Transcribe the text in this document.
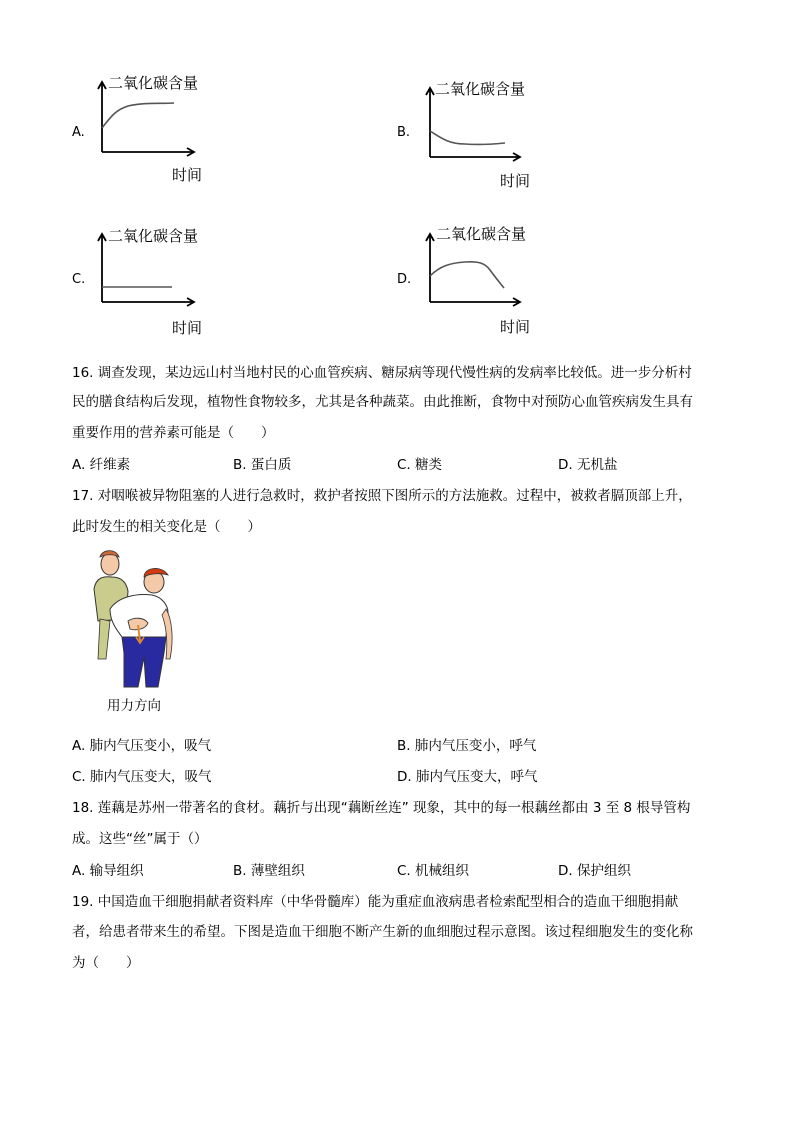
A.
二氧化碳含量
时间
B.
二氧化碳含量
时间
C.
二氧化碳含量
时间
D.
二氧化碳含量
时间
16. 调查发现，某边远山村当地村民的心血管疾病、糖尿病等现代慢性病的发病率比较低。进一步分析村
民的膳食结构后发现，植物性食物较多，尤其是各种蔬菜。由此推断，食物中对预防心血管疾病发生具有
重要作用的营养素可能是（　　）
A. 纤维素	B. 蛋白质	C. 糖类	D. 无机盐
17. 对咽喉被异物阻塞的人进行急救时，救护者按照下图所示的方法施救。过程中，被救者膈顶部上升，
此时发生的相关变化是（　　）
用力方向
A. 肺内气压变小，吸气	B. 肺内气压变小，呼气
C. 肺内气压变大，吸气	D. 肺内气压变大，呼气
18. 莲藕是苏州一带著名的食材。藕折与出现“藕断丝连” 现象，其中的每一根藕丝都由 3 至 8 根导管构
成。这些“丝”属于（）
A. 输导组织	B. 薄壁组织	C. 机械组织	D. 保护组织
19. 中国造血干细胞捐献者资料库（中华骨髓库）能为重症血液病患者检索配型相合的造血干细胞捐献
者，给患者带来生的希望。下图是造血干细胞不断产生新的血细胞过程示意图。该过程细胞发生的变化称
为（　　）
